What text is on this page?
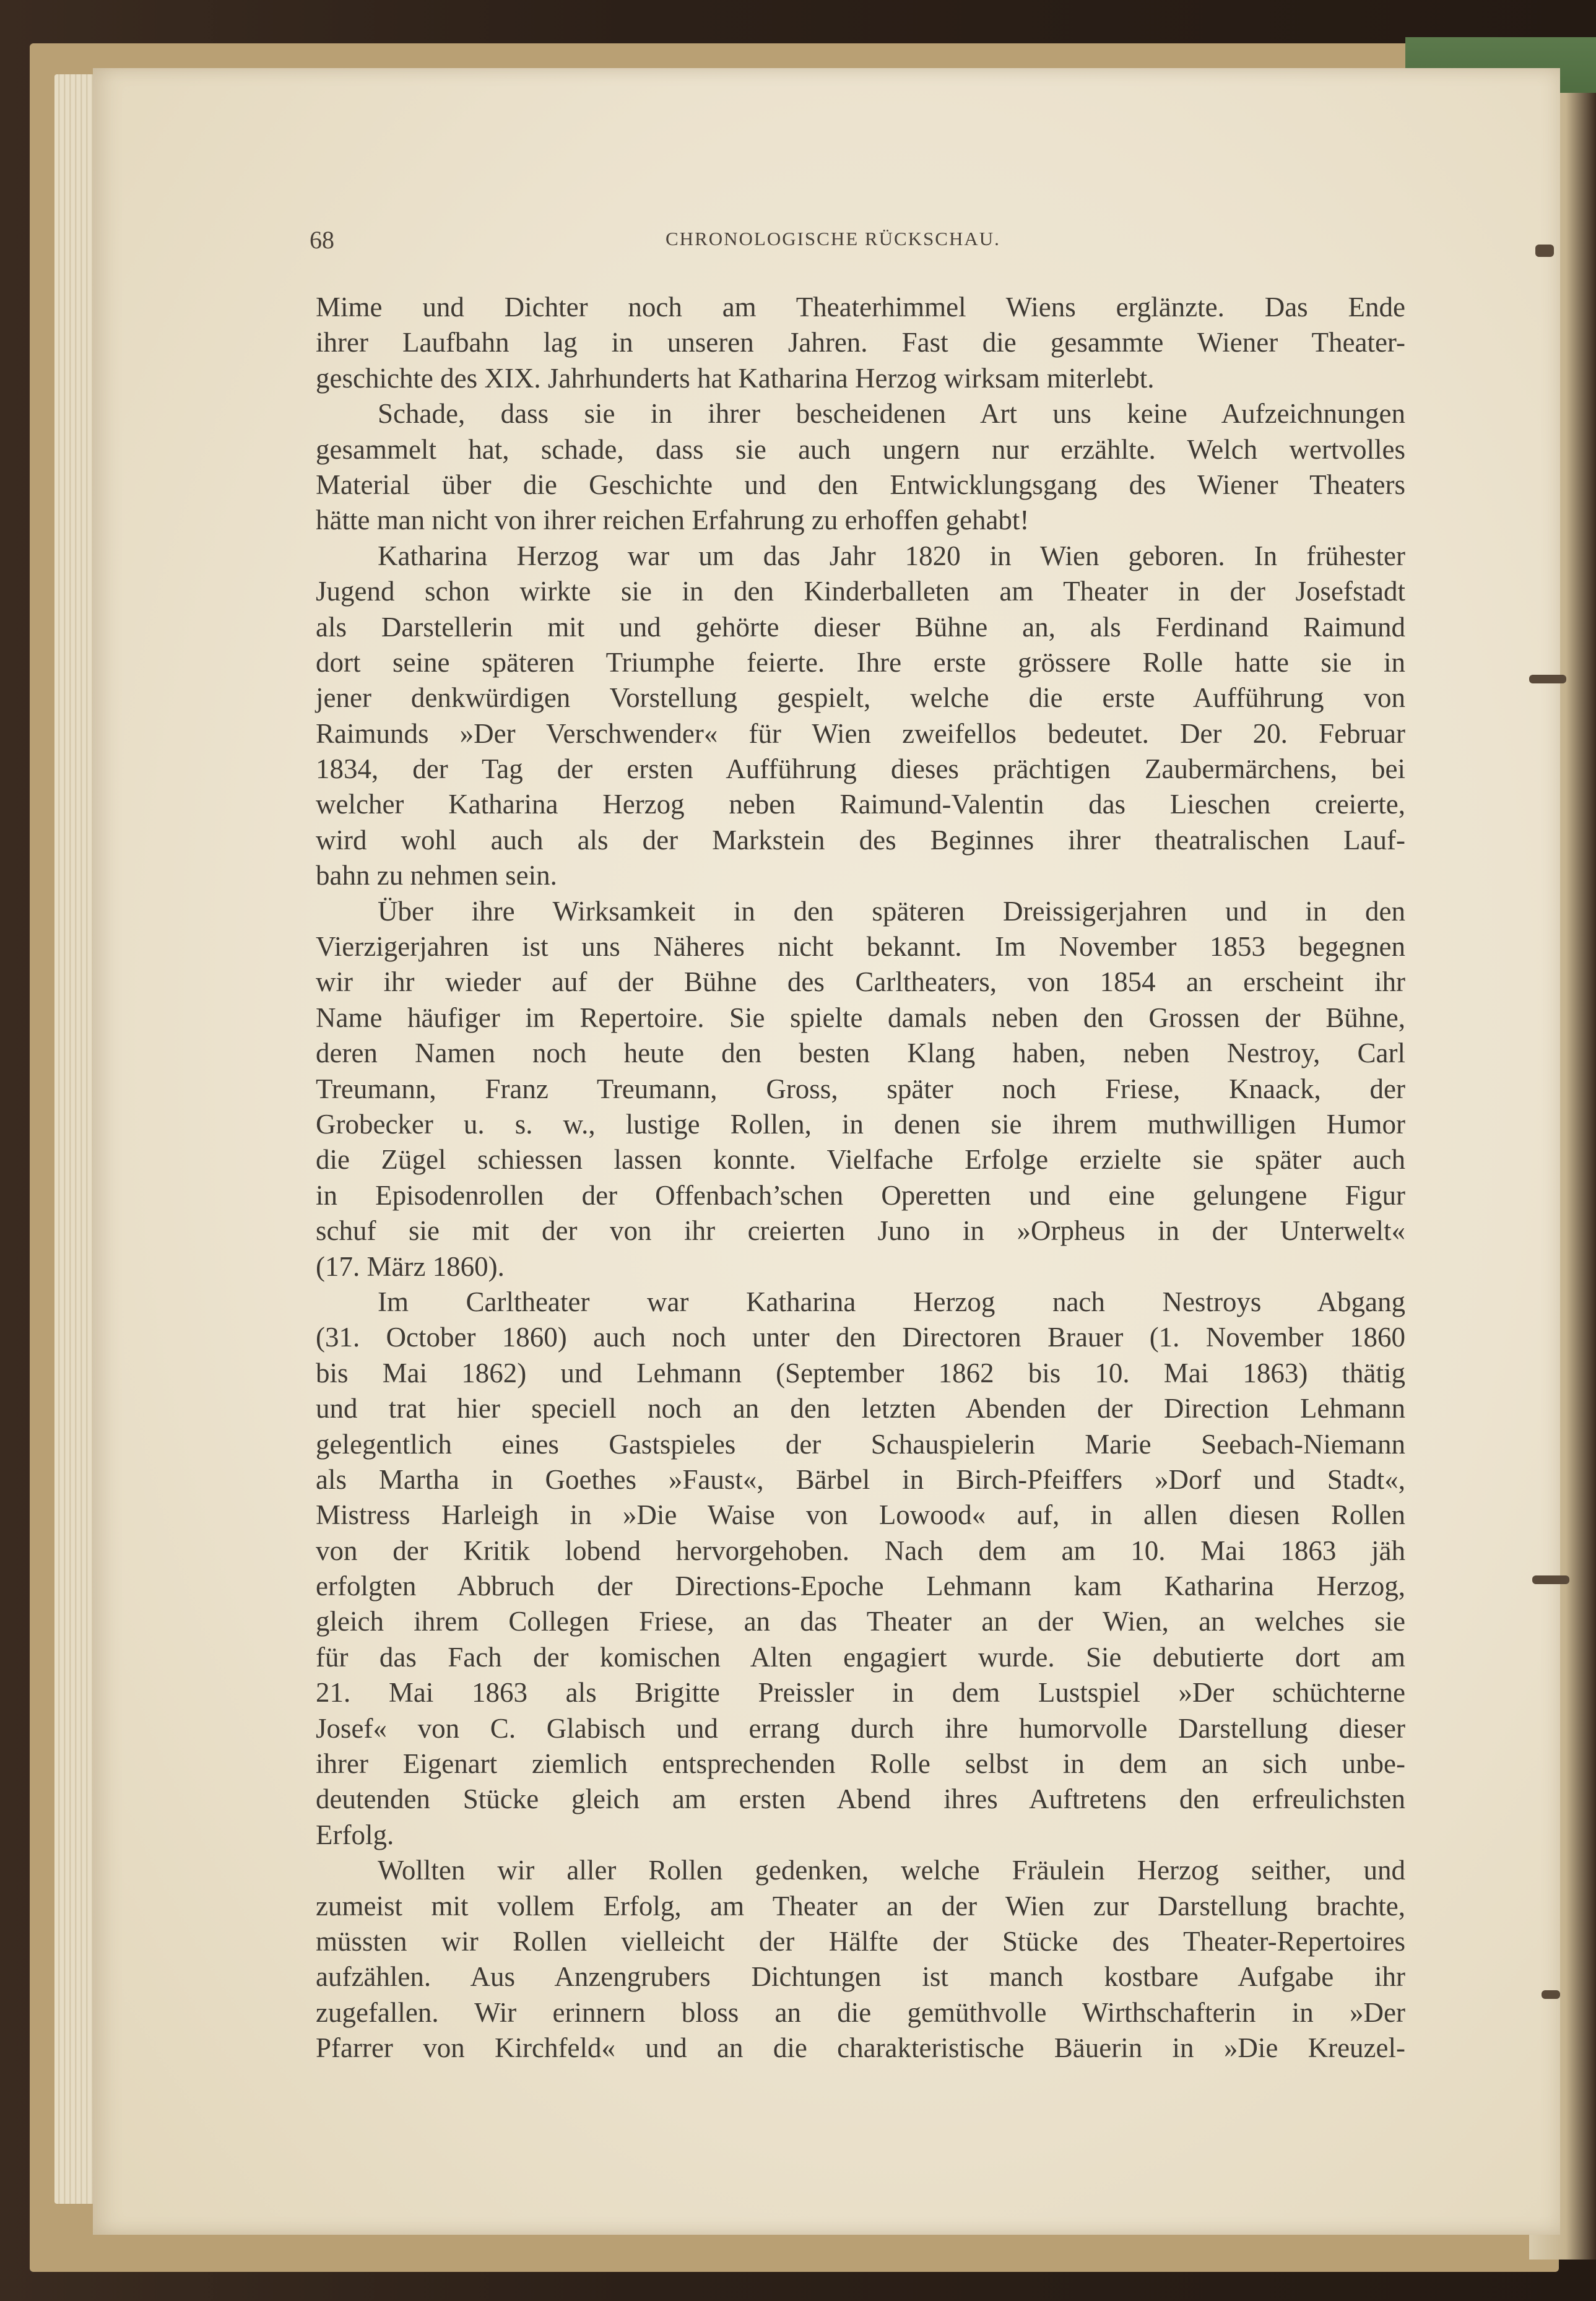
68	CHRONOLOGISCHE RÜCKSCHAU.
Mime und Dichter noch am Theaterhimmel Wiens erglänzte. Das Ende
ihrer Laufbahn lag in unseren Jahren. Fast die gesammte Wiener Theater-
geschichte des XIX. Jahrhunderts hat Katharina Herzog wirksam miterlebt.
Schade, dass sie in ihrer bescheidenen Art uns keine Aufzeichnungen
gesammelt hat, schade, dass sie auch ungern nur erzählte. Welch wertvolles
Material über die Geschichte und den Entwicklungsgang des Wiener Theaters
hätte man nicht von ihrer reichen Erfahrung zu erhoffen gehabt!
Katharina Herzog war um das Jahr 1820 in Wien geboren. In frühester
Jugend schon wirkte sie in den Kinderballeten am Theater in der Josefstadt
als Darstellerin mit und gehörte dieser Bühne an, als Ferdinand Raimund
dort seine späteren Triumphe feierte. Ihre erste grössere Rolle hatte sie in
jener denkwürdigen Vorstellung gespielt, welche die erste Aufführung von
Raimunds »Der Verschwender« für Wien zweifellos bedeutet. Der 20. Februar
1834, der Tag der ersten Aufführung dieses prächtigen Zaubermärchens, bei
welcher Katharina Herzog neben Raimund-Valentin das Lieschen creierte,
wird wohl auch als der Markstein des Beginnes ihrer theatralischen Lauf-
bahn zu nehmen sein.
Über ihre Wirksamkeit in den späteren Dreissigerjahren und in den
Vierzigerjahren ist uns Näheres nicht bekannt. Im November 1853 begegnen
wir ihr wieder auf der Bühne des Carltheaters, von 1854 an erscheint ihr
Name häufiger im Repertoire. Sie spielte damals neben den Grossen der Bühne,
deren Namen noch heute den besten Klang haben, neben Nestroy, Carl
Treumann, Franz Treumann, Gross, später noch Friese, Knaack, der
Grobecker u. s. w., lustige Rollen, in denen sie ihrem muthwilligen Humor
die Zügel schiessen lassen konnte. Vielfache Erfolge erzielte sie später auch
in Episodenrollen der Offenbach’schen Operetten und eine gelungene Figur
schuf sie mit der von ihr creierten Juno in »Orpheus in der Unterwelt«
(17. März 1860).
Im Carltheater war Katharina Herzog nach Nestroys Abgang
(31. October 1860) auch noch unter den Directoren Brauer (1. November 1860
bis Mai 1862) und Lehmann (September 1862 bis 10. Mai 1863) thätig
und trat hier speciell noch an den letzten Abenden der Direction Lehmann
gelegentlich eines Gastspieles der Schauspielerin Marie Seebach-Niemann
als Martha in Goethes »Faust«, Bärbel in Birch-Pfeiffers »Dorf und Stadt«,
Mistress Harleigh in »Die Waise von Lowood« auf, in allen diesen Rollen
von der Kritik lobend hervorgehoben. Nach dem am 10. Mai 1863 jäh
erfolgten Abbruch der Directions-Epoche Lehmann kam Katharina Herzog,
gleich ihrem Collegen Friese, an das Theater an der Wien, an welches sie
für das Fach der komischen Alten engagiert wurde. Sie debutierte dort am
21. Mai 1863 als Brigitte Preissler in dem Lustspiel »Der schüchterne
Josef« von C. Glabisch und errang durch ihre humorvolle Darstellung dieser
ihrer Eigenart ziemlich entsprechenden Rolle selbst in dem an sich unbe-
deutenden Stücke gleich am ersten Abend ihres Auftretens den erfreulichsten
Erfolg.
Wollten wir aller Rollen gedenken, welche Fräulein Herzog seither, und
zumeist mit vollem Erfolg, am Theater an der Wien zur Darstellung brachte,
müssten wir Rollen vielleicht der Hälfte der Stücke des Theater-Repertoires
aufzählen. Aus Anzengrubers Dichtungen ist manch kostbare Aufgabe ihr
zugefallen. Wir erinnern bloss an die gemüthvolle Wirthschafterin in »Der
Pfarrer von Kirchfeld« und an die charakteristische Bäuerin in »Die Kreuzel-
